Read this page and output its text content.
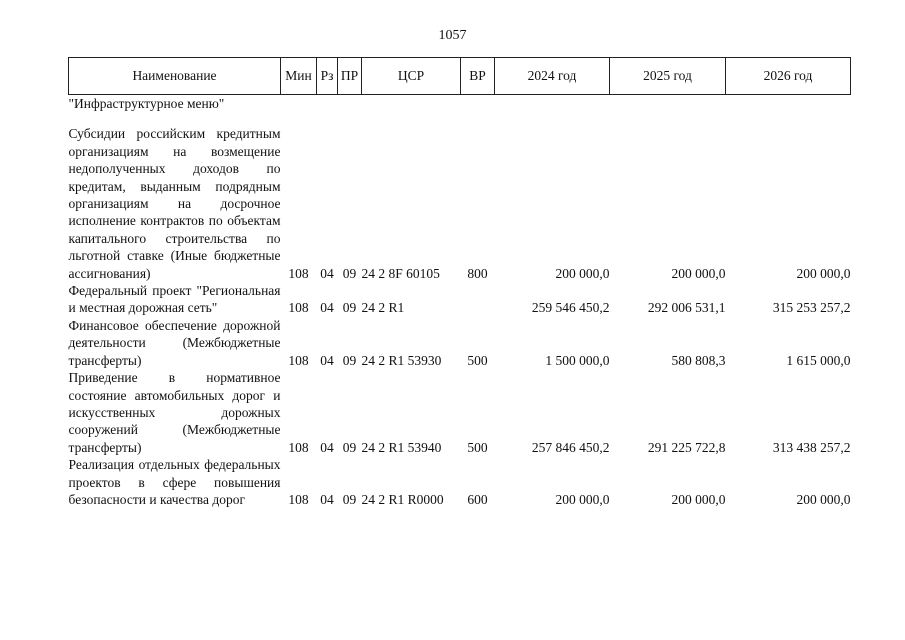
1057
Наименование	Мин	Рз	ПР	ЦСР	ВР	2024 год	2025 год	2026 год
"Инфраструктурное меню"								
Субсидии российским кредитным организациям на возмещение недополученных доходов по кредитам, выданным подрядным организациям на досрочное исполнение контрактов по объектам капитального строительства по льготной ставке (Иные бюджетные ассигнования)	108	04	09	24 2 8F 60105	800	200 000,0	200 000,0	200 000,0
Федеральный проект "Региональная и местная дорожная сеть"	108	04	09	24 2 R1		259 546 450,2	292 006 531,1	315 253 257,2
Финансовое обеспечение дорожной деятельности (Межбюджетные трансферты)	108	04	09	24 2 R1 53930	500	1 500 000,0	580 808,3	1 615 000,0
Приведение в нормативное состояние автомобильных дорог и искусственных дорожных сооружений (Межбюджетные трансферты)	108	04	09	24 2 R1 53940	500	257 846 450,2	291 225 722,8	313 438 257,2
Реализация отдельных федеральных проектов в сфере повышения безопасности и качества дорог	108	04	09	24 2 R1 R0000	600	200 000,0	200 000,0	200 000,0
